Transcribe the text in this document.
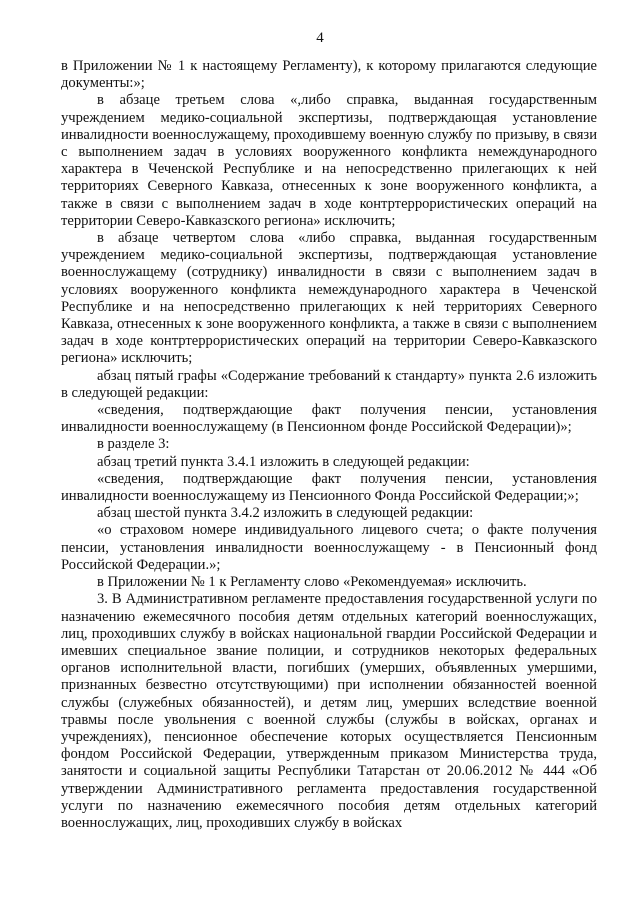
4

в Приложении № 1 к настоящему Регламенту), к которому прилагаются следующие документы:»;

в абзаце третьем слова «,либо справка, выданная государственным учреждением медико-социальной экспертизы, подтверждающая установление инвалидности военнослужащему, проходившему военную службу по призыву, в связи с выполнением задач в условиях вооруженного конфликта немеждународного характера в Чеченской Республике и на непосредственно прилегающих к ней территориях Северного Кавказа, отнесенных к зоне вооруженного конфликта, а также в связи с выполнением задач в ходе контртеррористических операций на территории Северо-Кавказского региона» исключить;

в абзаце четвертом слова «либо справка, выданная государственным учреждением медико-социальной экспертизы, подтверждающая установление военнослужащему (сотруднику) инвалидности в связи с выполнением задач в условиях вооруженного конфликта немеждународного характера в Чеченской Республике и на непосредственно прилегающих к ней территориях Северного Кавказа, отнесенных к зоне вооруженного конфликта, а также в связи с выполнением задач в ходе контртеррористических операций на территории Северо-Кавказского региона» исключить;

абзац пятый графы «Содержание требований к стандарту» пункта 2.6 изложить в следующей редакции:

«сведения, подтверждающие факт получения пенсии, установления инвалидности военнослужащему (в Пенсионном фонде Российской Федерации)»;

в разделе 3:

абзац третий пункта 3.4.1 изложить в следующей редакции:

«сведения, подтверждающие факт получения пенсии, установления инвалидности военнослужащему из Пенсионного Фонда Российской Федерации;»;

абзац шестой пункта 3.4.2 изложить в следующей редакции:

«о страховом номере индивидуального лицевого счета; о факте получения пенсии, установления инвалидности военнослужащему - в Пенсионный фонд Российской Федерации.»;

в Приложении № 1 к Регламенту слово «Рекомендуемая» исключить.

3. В Административном регламенте предоставления государственной услуги по назначению ежемесячного пособия детям отдельных категорий военнослужащих, лиц, проходивших службу в войсках национальной гвардии Российской Федерации и имевших специальное звание полиции, и сотрудников некоторых федеральных органов исполнительной власти, погибших (умерших, объявленных умершими, признанных безвестно отсутствующими) при исполнении обязанностей военной службы (служебных обязанностей), и детям лиц, умерших вследствие военной травмы после увольнения с военной службы (службы в войсках, органах и учреждениях), пенсионное обеспечение которых осуществляется Пенсионным фондом Российской Федерации, утвержденным приказом Министерства труда, занятости и социальной защиты Республики Татарстан от 20.06.2012 № 444 «Об утверждении Административного регламента предоставления государственной услуги по назначению ежемесячного пособия детям отдельных категорий военнослужащих, лиц, проходивших службу в войсках
